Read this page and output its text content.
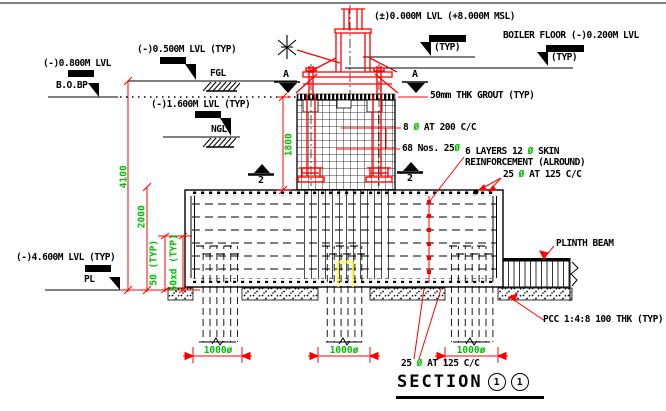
(±)0.000M LVL (+8.000M MSL)
(TYP)
BOILER FLOOR (-)0.200M LVL
(TYP)
(-)0.500M LVL (TYP)
FGL
(-)0.800M LVL
B.O.BP
(-)1.600M LVL (TYP)
NGL
(-)4.600M LVL (TYP)
PL
50mm THK GROUT (TYP)
8 Ø AT 200 C/C
68 Nos. 25Ø 6 LAYERS 12 Ø SKIN
REINFORCEMENT (ALROUND)
25 Ø AT 125 C/C
PLINTH BEAM
PCC 1:4:8 100 THK (TYP)
25 Ø AT 125 C/C
4100
2000
1800
50 (TYP) 50xd (TYP)
1000ø	1000ø	1000ø
A	A
2	2
SECTION	1	1
